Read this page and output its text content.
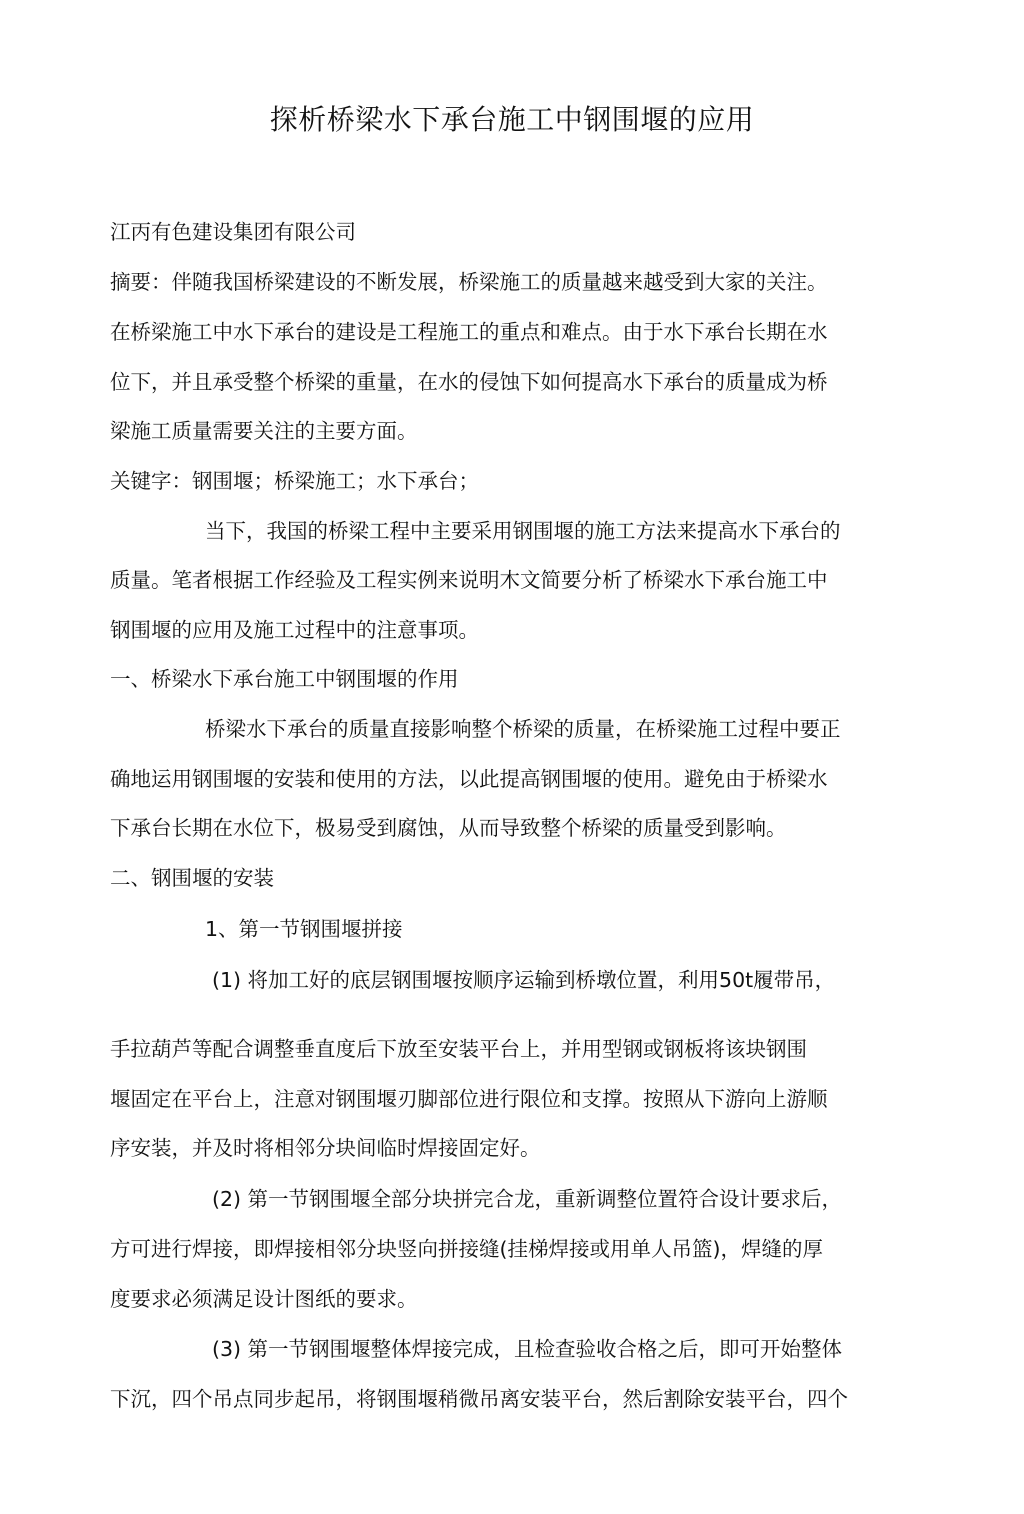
探析桥梁水下承台施工中钢围堰的应用
江丙有色建设集团有限公司
摘要：伴随我国桥梁建设的不断发展，桥梁施工的质量越来越受到大家的关注。
在桥梁施工中水下承台的建设是工程施工的重点和难点。由于水下承台长期在水
位下，并且承受整个桥梁的重量，在水的侵蚀下如何提高水下承台的质量成为桥
梁施工质量需要关注的主要方面。
关键字：钢围堰；桥梁施工；水下承台；
当下，我国的桥梁工程中主要采用钢围堰的施工方法来提高水下承台的
质量。笔者根据工作经验及工程实例来说明木文简要分析了桥梁水下承台施工中
钢围堰的应用及施工过程中的注意事项。
一、桥梁水下承台施工中钢围堰的作用
桥梁水下承台的质量直接影响整个桥梁的质量，在桥梁施工过程中要正
确地运用钢围堰的安装和使用的方法，以此提高钢围堰的使用。避免由于桥梁水
下承台长期在水位下，极易受到腐蚀，从而导致整个桥梁的质量受到影响。
二、钢围堰的安装
1、第一节钢围堰拼接
(1) 将加工好的底层钢围堰按顺序运输到桥墩位置，利用50t履带吊，
手拉葫芦等配合调整垂直度后下放至安装平台上，并用型钢或钢板将该块钢围
堰固定在平台上，注意对钢围堰刃脚部位进行限位和支撑。按照从下游向上游顺
序安装，并及时将相邻分块间临时焊接固定好。
(2) 第一节钢围堰全部分块拼完合龙，重新调整位置符合设计要求后，
方可进行焊接，即焊接相邻分块竖向拼接缝(挂梯焊接或用单人吊篮)，焊缝的厚
度要求必须满足设计图纸的要求。
(3) 第一节钢围堰整体焊接完成，且检查验收合格之后，即可开始整体
下沉，四个吊点同步起吊，将钢围堰稍微吊离安装平台，然后割除安装平台，四个
